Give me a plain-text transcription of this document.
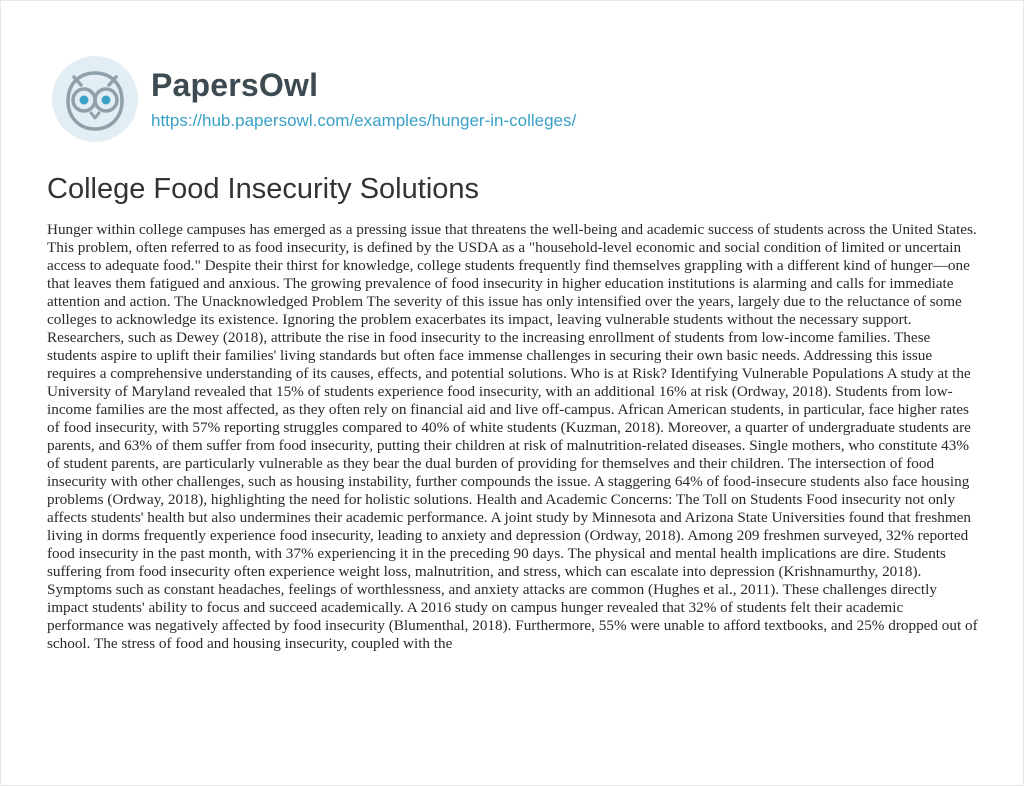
PapersOwl
https://hub.papersowl.com/examples/hunger-in-colleges/
College Food Insecurity Solutions

Hunger within college campuses has emerged as a pressing issue that threatens the well-being and academic success of students across the United States. This problem, often referred to as food insecurity, is defined by the USDA as a "household-level economic and social condition of limited or uncertain access to adequate food." Despite their thirst for knowledge, college students frequently find themselves grappling with a different kind of hunger—one that leaves them fatigued and anxious. The growing prevalence of food insecurity in higher education institutions is alarming and calls for immediate attention and action. The Unacknowledged Problem The severity of this issue has only intensified over the years, largely due to the reluctance of some colleges to acknowledge its existence. Ignoring the problem exacerbates its impact, leaving vulnerable students without the necessary support. Researchers, such as Dewey (2018), attribute the rise in food insecurity to the increasing enrollment of students from low-income families. These students aspire to uplift their families' living standards but often face immense challenges in securing their own basic needs. Addressing this issue requires a comprehensive understanding of its causes, effects, and potential solutions. Who is at Risk? Identifying Vulnerable Populations A study at the University of Maryland revealed that 15% of students experience food insecurity, with an additional 16% at risk (Ordway, 2018). Students from low-income families are the most affected, as they often rely on financial aid and live off-campus. African American students, in particular, face higher rates of food insecurity, with 57% reporting struggles compared to 40% of white students (Kuzman, 2018). Moreover, a quarter of undergraduate students are parents, and 63% of them suffer from food insecurity, putting their children at risk of malnutrition-related diseases. Single mothers, who constitute 43% of student parents, are particularly vulnerable as they bear the dual burden of providing for themselves and their children. The intersection of food insecurity with other challenges, such as housing instability, further compounds the issue. A staggering 64% of food-insecure students also face housing problems (Ordway, 2018), highlighting the need for holistic solutions. Health and Academic Concerns: The Toll on Students Food insecurity not only affects students' health but also undermines their academic performance. A joint study by Minnesota and Arizona State Universities found that freshmen living in dorms frequently experience food insecurity, leading to anxiety and depression (Ordway, 2018). Among 209 freshmen surveyed, 32% reported food insecurity in the past month, with 37% experiencing it in the preceding 90 days. The physical and mental health implications are dire. Students suffering from food insecurity often experience weight loss, malnutrition, and stress, which can escalate into depression (Krishnamurthy, 2018). Symptoms such as constant headaches, feelings of worthlessness, and anxiety attacks are common (Hughes et al., 2011). These challenges directly impact students' ability to focus and succeed academically. A 2016 study on campus hunger revealed that 32% of students felt their academic performance was negatively affected by food insecurity (Blumenthal, 2018). Furthermore, 55% were unable to afford textbooks, and 25% dropped out of school. The stress of food and housing insecurity, coupled with the
